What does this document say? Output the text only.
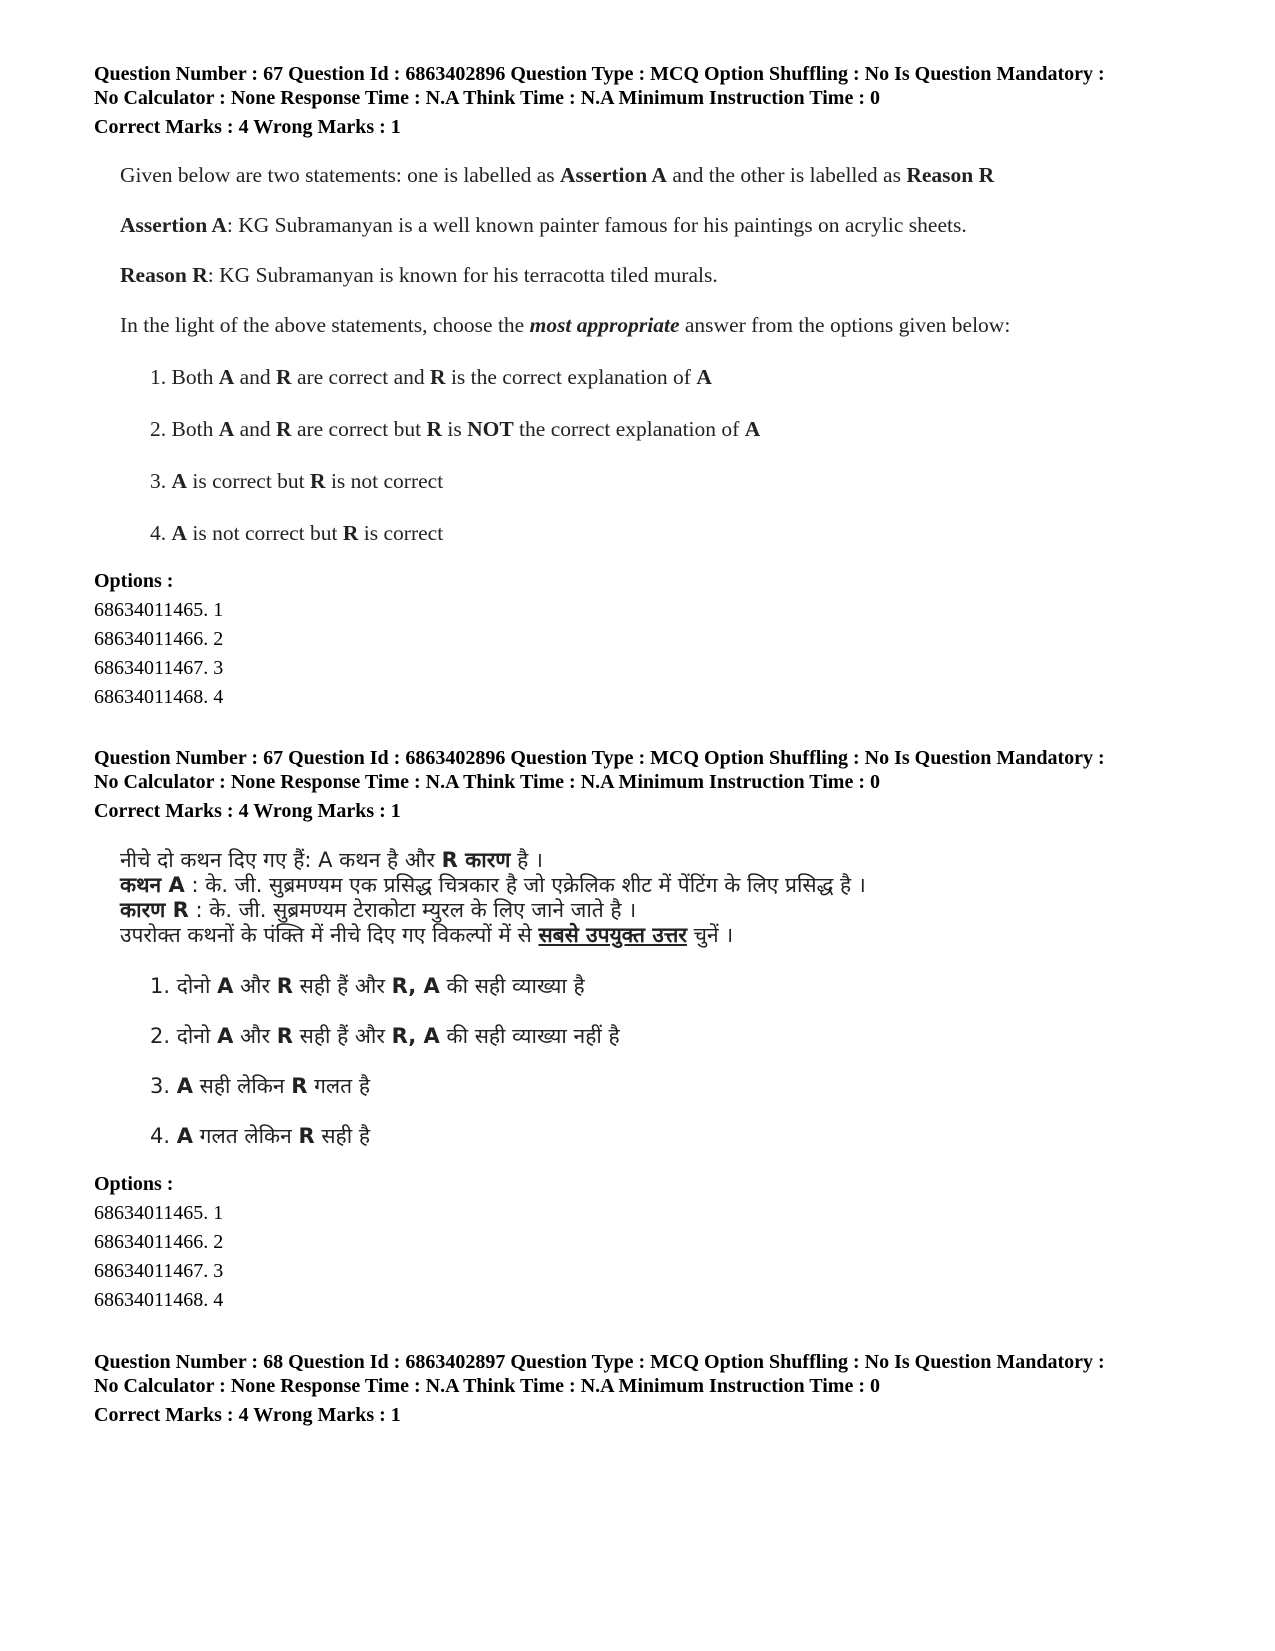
Question Number : 67 Question Id : 6863402896 Question Type : MCQ Option Shuffling : No Is Question Mandatory :

No Calculator : None Response Time : N.A Think Time : N.A Minimum Instruction Time : 0

Correct Marks : 4 Wrong Marks : 1

Given below are two statements: one is labelled as Assertion A and the other is labelled as Reason R
Assertion A: KG Subramanyan is a well known painter famous for his paintings on acrylic sheets.
Reason R: KG Subramanyan is known for his terracotta tiled murals.
In the light of the above statements, choose the most appropriate answer from the options given below:
1. Both A and R are correct and R is the correct explanation of A
2. Both A and R are correct but R is NOT the correct explanation of A
3. A is correct but R is not correct
4. A is not correct but R is correct
Options :
68634011465. 1
68634011466. 2
68634011467. 3
68634011468. 4

Question Number : 67 Question Id : 6863402896 Question Type : MCQ Option Shuffling : No Is Question Mandatory :

No Calculator : None Response Time : N.A Think Time : N.A Minimum Instruction Time : 0

Correct Marks : 4 Wrong Marks : 1

नीचे दो कथन दिए गए हैं: A कथन है और R कारण है ।
कथन A : के. जी. सुब्रमण्यम एक प्रसिद्ध चित्रकार है जो एक्रेलिक शीट में पेंटिंग के लिए प्रसिद्ध है ।
कारण R : के. जी. सुब्रमण्यम टेराकोटा म्युरल के लिए जाने जाते है ।
उपरोक्त कथनों के पंक्ति में नीचे दिए गए विकल्पों में से सबसे उपयुक्त उत्तर चुनें ।
1. दोनो A और R सही हैं और R, A की सही व्याख्या है
2. दोनो A और R सही हैं और R, A की सही व्याख्या नहीं है
3. A सही लेकिन R गलत है
4. A गलत लेकिन R सही है
Options :
68634011465. 1
68634011466. 2
68634011467. 3
68634011468. 4

Question Number : 68 Question Id : 6863402897 Question Type : MCQ Option Shuffling : No Is Question Mandatory :

No Calculator : None Response Time : N.A Think Time : N.A Minimum Instruction Time : 0

Correct Marks : 4 Wrong Marks : 1
